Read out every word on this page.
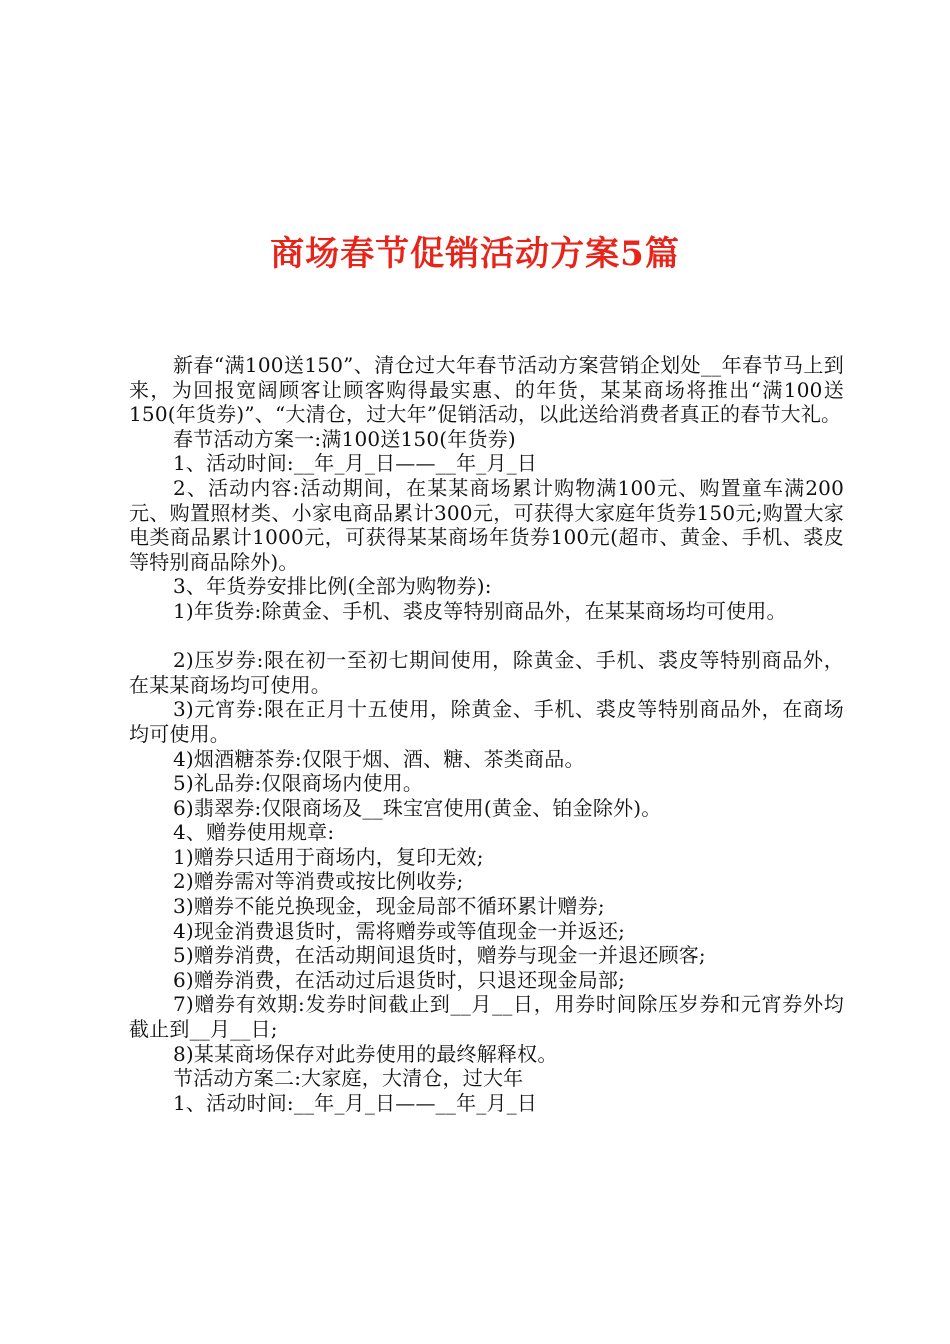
商场春节促销活动方案5篇

新春“满100送150”、清仓过大年春节活动方案营销企划处__年春节马上到来，为回报宽阔顾客让顾客购得最实惠、的年货，某某商场将推出“满100送150(年货券)”、“大清仓，过大年”促销活动，以此送给消费者真正的春节大礼。

春节活动方案一:满100送150(年货券)

1、活动时间:__年_月_日——__年_月_日

2、活动内容:活动期间，在某某商场累计购物满100元、购置童车满200元、购置照材类、小家电商品累计300元，可获得大家庭年货券150元;购置大家电类商品累计1000元，可获得某某商场年货券100元(超市、黄金、手机、裘皮等特别商品除外)。

3、年货券安排比例(全部为购物券):

1)年货券:除黄金、手机、裘皮等特别商品外，在某某商场均可使用。

2)压岁券:限在初一至初七期间使用，除黄金、手机、裘皮等特别商品外，在某某商场均可使用。

3)元宵券:限在正月十五使用，除黄金、手机、裘皮等特别商品外，在商场均可使用。

4)烟酒糖茶券:仅限于烟、酒、糖、茶类商品。

5)礼品券:仅限商场内使用。

6)翡翠券:仅限商场及__珠宝宫使用(黄金、铂金除外)。

4、赠券使用规章:

1)赠券只适用于商场内，复印无效;

2)赠券需对等消费或按比例收券;

3)赠券不能兑换现金，现金局部不循环累计赠券;

4)现金消费退货时，需将赠券或等值现金一并返还;

5)赠券消费，在活动期间退货时，赠券与现金一并退还顾客;

6)赠券消费，在活动过后退货时，只退还现金局部;

7)赠券有效期:发券时间截止到__月__日，用券时间除压岁券和元宵券外均截止到__月__日;

8)某某商场保存对此券使用的最终解释权。

节活动方案二:大家庭，大清仓，过大年

1、活动时间:__年_月_日——__年_月_日
